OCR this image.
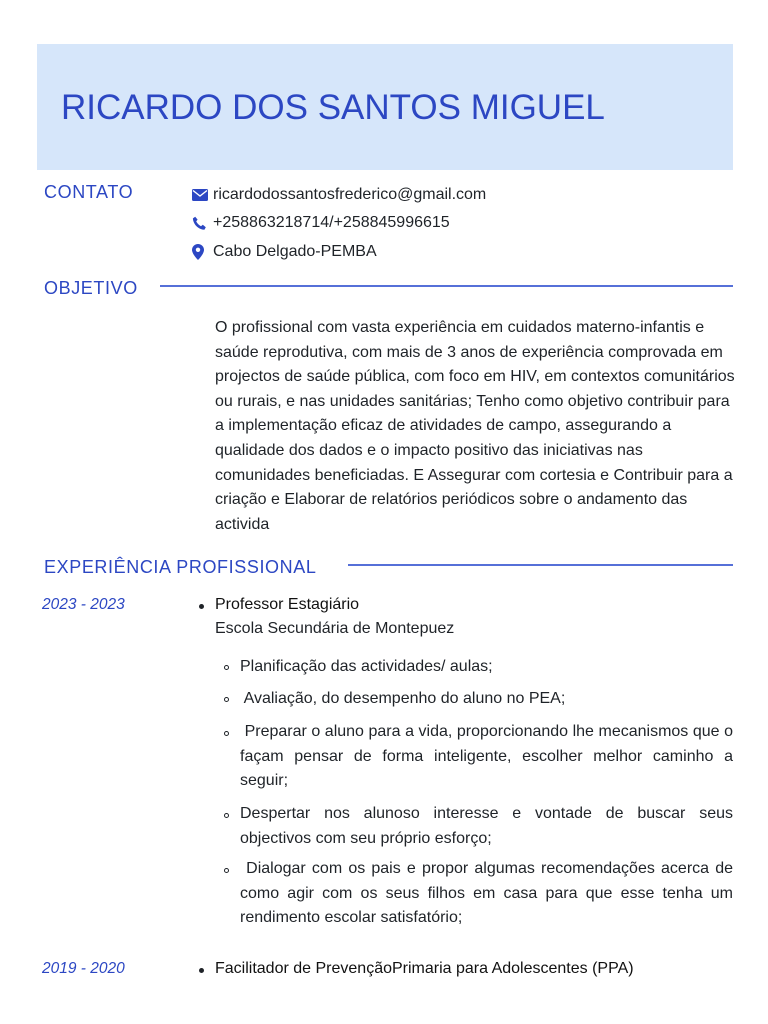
RICARDO DOS SANTOS MIGUEL
CONTATO	ricardodossantosfrederico@gmail.com
+258863218714/+258845996615
Cabo Delgado-PEMBA
OBJETIVO
O profissional com vasta experiência em cuidados materno-infantis e saúde reprodutiva, com mais de 3 anos de experiência comprovada em projectos de saúde pública, com foco em HIV, em contextos comunitários ou rurais, e nas unidades sanitárias; Tenho como objetivo contribuir para a implementação eficaz de atividades de campo, assegurando a qualidade dos dados e o impacto positivo das iniciativas nas comunidades beneficiadas. E Assegurar com cortesia e Contribuir para a criação e Elaborar de relatórios periódicos sobre o andamento das activida
EXPERIÊNCIA PROFISSIONAL
2023 - 2023	Professor Estagiário
Escola Secundária de Montepuez
Planificação das actividades/ aulas;
Avaliação, do desempenho do aluno no PEA;
Preparar o aluno para a vida, proporcionando lhe mecanismos que o façam pensar de forma inteligente, escolher melhor caminho a seguir;
Despertar nos alunoso interesse e vontade de buscar seus objectivos com seu próprio esforço;
Dialogar com os pais e propor algumas recomendações acerca de como agir com os seus filhos em casa para que esse tenha um rendimento escolar satisfatório;
2019 - 2020	Facilitador de PrevençãoPrimaria para Adolescentes (PPA)
